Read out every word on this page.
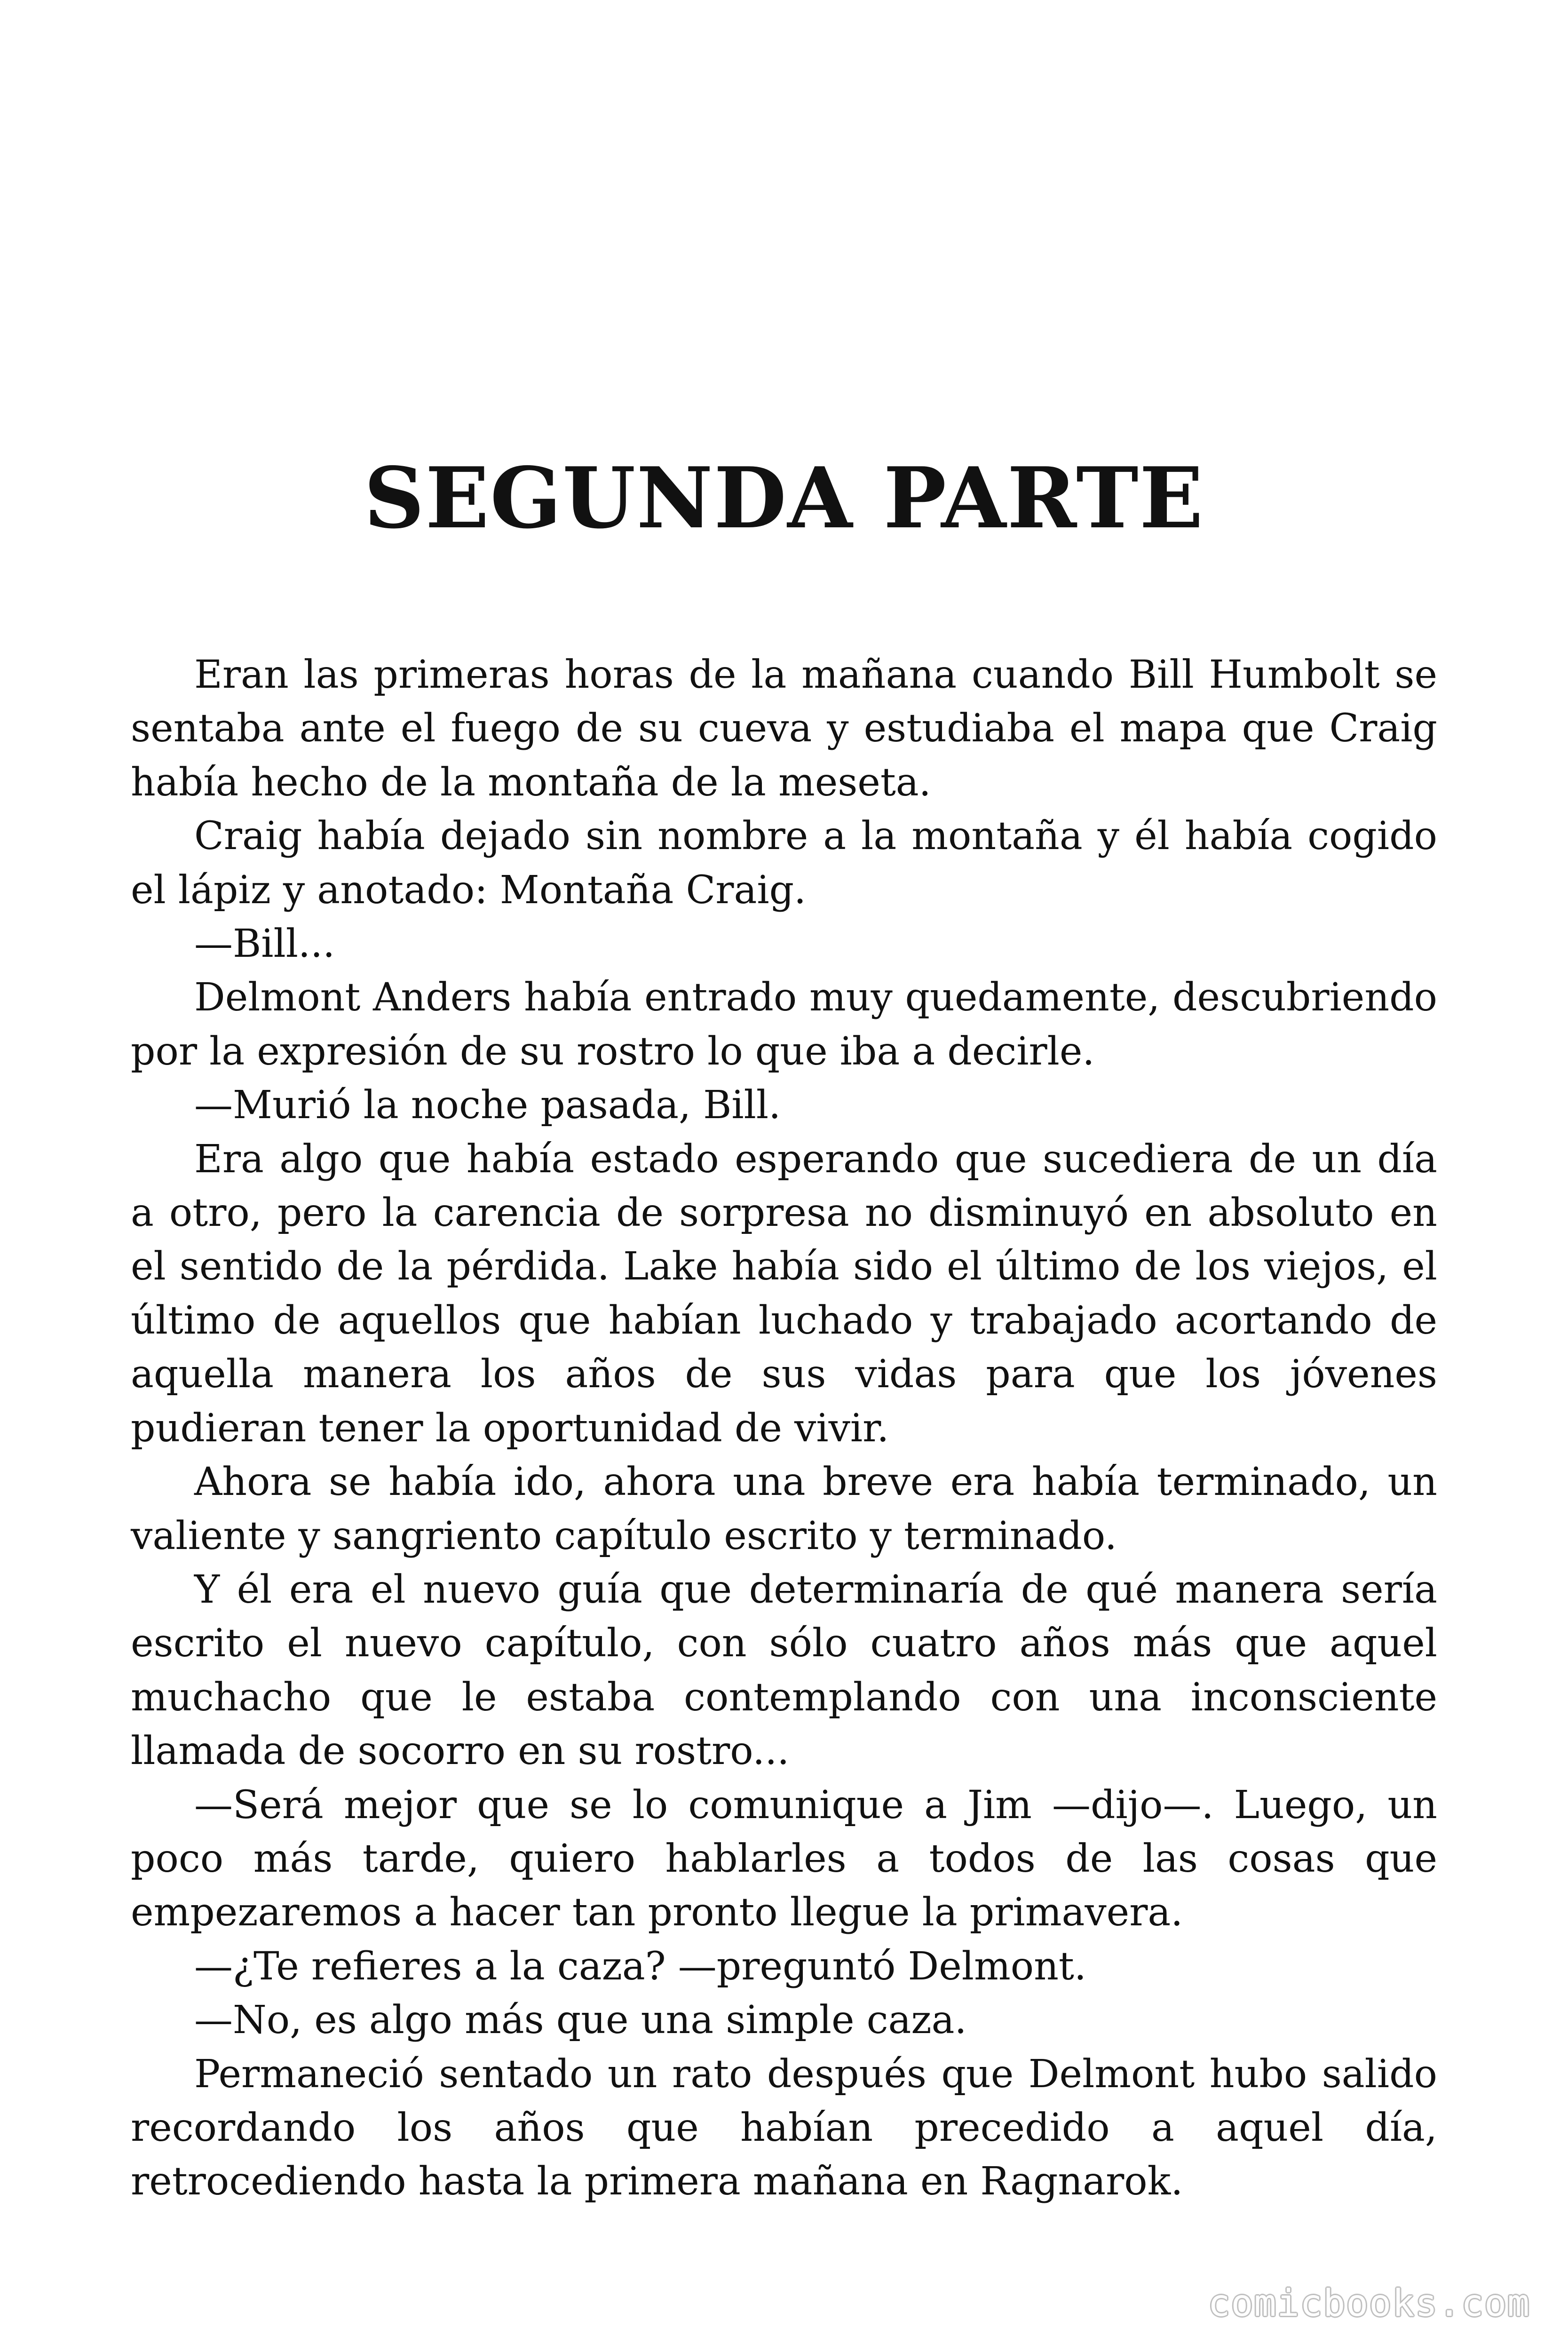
SEGUNDA PARTE

Eran las primeras horas de la mañana cuando Bill Humbolt se sentaba ante el fuego de su cueva y estudiaba el mapa que Craig había hecho de la montaña de la meseta.

Craig había dejado sin nombre a la montaña y él había cogido el lápiz y anotado: Montaña Craig.

—Bill...

Delmont Anders había entrado muy quedamente, descubriendo por la expresión de su rostro lo que iba a decirle.

—Murió la noche pasada, Bill.

Era algo que había estado esperando que sucediera de un día a otro, pero la carencia de sorpresa no disminuyó en absoluto en el sentido de la pérdida. Lake había sido el último de los viejos, el último de aquellos que habían luchado y trabajado acortando de aquella manera los años de sus vidas para que los jóvenes pudieran tener la oportunidad de vivir.

Ahora se había ido, ahora una breve era había terminado, un valiente y sangriento capítulo escrito y terminado.

Y él era el nuevo guía que determinaría de qué manera sería escrito el nuevo capítulo, con sólo cuatro años más que aquel muchacho que le estaba contemplando con una inconsciente llamada de socorro en su rostro...

—Será mejor que se lo comunique a Jim —dijo—. Luego, un poco más tarde, quiero hablarles a todos de las cosas que empezaremos a hacer tan pronto llegue la primavera.

—¿Te refieres a la caza? —preguntó Delmont.

—No, es algo más que una simple caza.

Permaneció sentado un rato después que Delmont hubo salido recordando los años que habían precedido a aquel día, retrocediendo hasta la primera mañana en Ragnarok.

comicbooks.com
